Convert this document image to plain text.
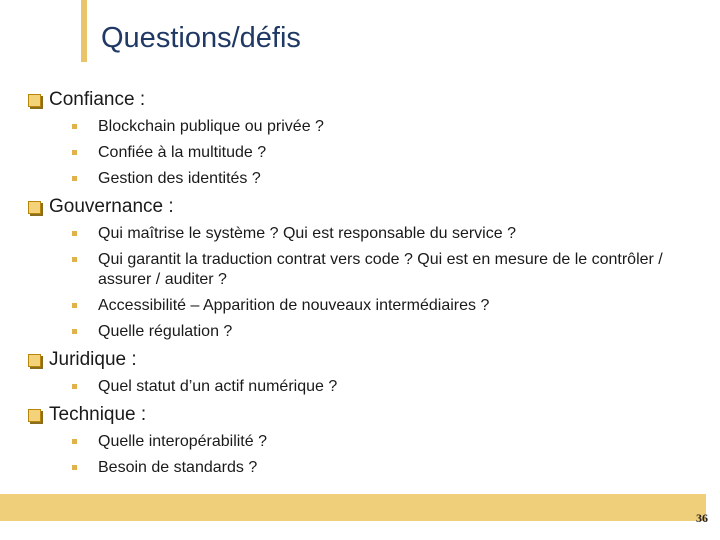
Questions/défis
Confiance :
Blockchain publique ou privée ?
Confiée à la multitude ?
Gestion des identités ?
Gouvernance :
Qui maîtrise le système ? Qui est responsable du service ?
Qui garantit la traduction contrat vers code ? Qui est en mesure de le contrôler / assurer / auditer ?
Accessibilité – Apparition de nouveaux intermédiaires ?
Quelle régulation ?
Juridique :
Quel statut d’un actif numérique ?
Technique :
Quelle interopérabilité ?
Besoin de standards ?
36
